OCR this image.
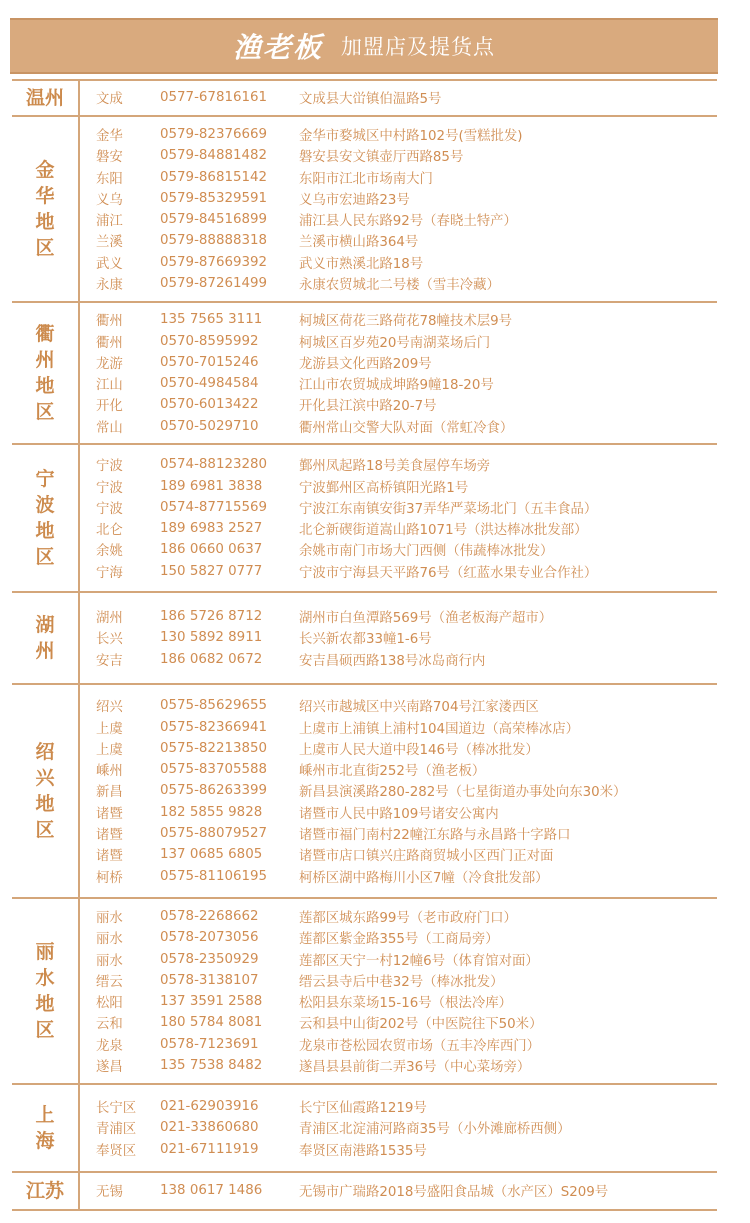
渔老板 加盟店及提货点
温州	文成	0577-67816161	文成县大峃镇伯温路5号
金华地区
金华	0579-82376669	金华市婺城区中村路102号(雪糕批发)
磐安	0579-84881482	磐安县安文镇壶厅西路85号
东阳	0579-86815142	东阳市江北市场南大门
义乌	0579-85329591	义乌市宏迪路23号
浦江	0579-84516899	浦江县人民东路92号（春晓土特产）
兰溪	0579-88888318	兰溪市横山路364号
武义	0579-87669392	武义市熟溪北路18号
永康	0579-87261499	永康农贸城北二号楼（雪丰冷藏）
衢州地区
衢州	135 7565 3111	柯城区荷花三路荷花78幢技术层9号
衢州	0570-8595992	柯城区百岁苑20号南湖菜场后门
龙游	0570-7015246	龙游县文化西路209号
江山	0570-4984584	江山市农贸城成坤路9幢18-20号
开化	0570-6013422	开化县江滨中路20-7号
常山	0570-5029710	衢州常山交警大队对面（常虹冷食）
宁波地区
宁波	0574-88123280	鄞州凤起路18号美食屋停车场旁
宁波	189 6981 3838	宁波鄞州区高桥镇阳光路1号
宁波	0574-87715569	宁波江东南镇安街37弄华严菜场北门（五丰食品）
北仑	189 6983 2527	北仑新碶街道嵩山路1071号（洪达棒冰批发部）
余姚	186 0660 0637	余姚市南门市场大门西侧（伟蔬棒冰批发）
宁海	150 5827 0777	宁波市宁海县天平路76号（红蓝水果专业合作社）
湖州
湖州	186 5726 8712	湖州市白鱼潭路569号（渔老板海产超市）
长兴	130 5892 8911	长兴新农都33幢1-6号
安吉	186 0682 0672	安吉昌硕西路138号冰岛商行内
绍兴地区
绍兴	0575-85629655	绍兴市越城区中兴南路704号江家溇西区
上虞	0575-82366941	上虞市上浦镇上浦村104国道边（高荣棒冰店）
上虞	0575-82213850	上虞市人民大道中段146号（棒冰批发）
嵊州	0575-83705588	嵊州市北直街252号（渔老板）
新昌	0575-86263399	新昌县演溪路280-282号（七星街道办事处向东30米）
诸暨	182 5855 9828	诸暨市人民中路109号诸安公寓内
诸暨	0575-88079527	诸暨市福门南村22幢江东路与永昌路十字路口
诸暨	137 0685 6805	诸暨市店口镇兴庄路商贸城小区西门正对面
柯桥	0575-81106195	柯桥区湖中路梅川小区7幢（冷食批发部）
丽水地区
丽水	0578-2268662	莲都区城东路99号（老市政府门口）
丽水	0578-2073056	莲都区紫金路355号（工商局旁）
丽水	0578-2350929	莲都区天宁一村12幢6号（体育馆对面）
缙云	0578-3138107	缙云县寺后中巷32号（棒冰批发）
松阳	137 3591 2588	松阳县东菜场15-16号（根法冷库）
云和	180 5784 8081	云和县中山街202号（中医院往下50米）
龙泉	0578-7123691	龙泉市苍松园农贸市场（五丰冷库西门）
遂昌	135 7538 8482	遂昌县县前街二弄36号（中心菜场旁）
上海
长宁区	021-62903916	长宁区仙霞路1219号
青浦区	021-33860680	青浦区北淀浦河路商35号（小外滩廊桥西侧）
奉贤区	021-67111919	奉贤区南港路1535号
江苏	无锡	138 0617 1486	无锡市广瑞路2018号盛阳食品城（水产区）S209号
